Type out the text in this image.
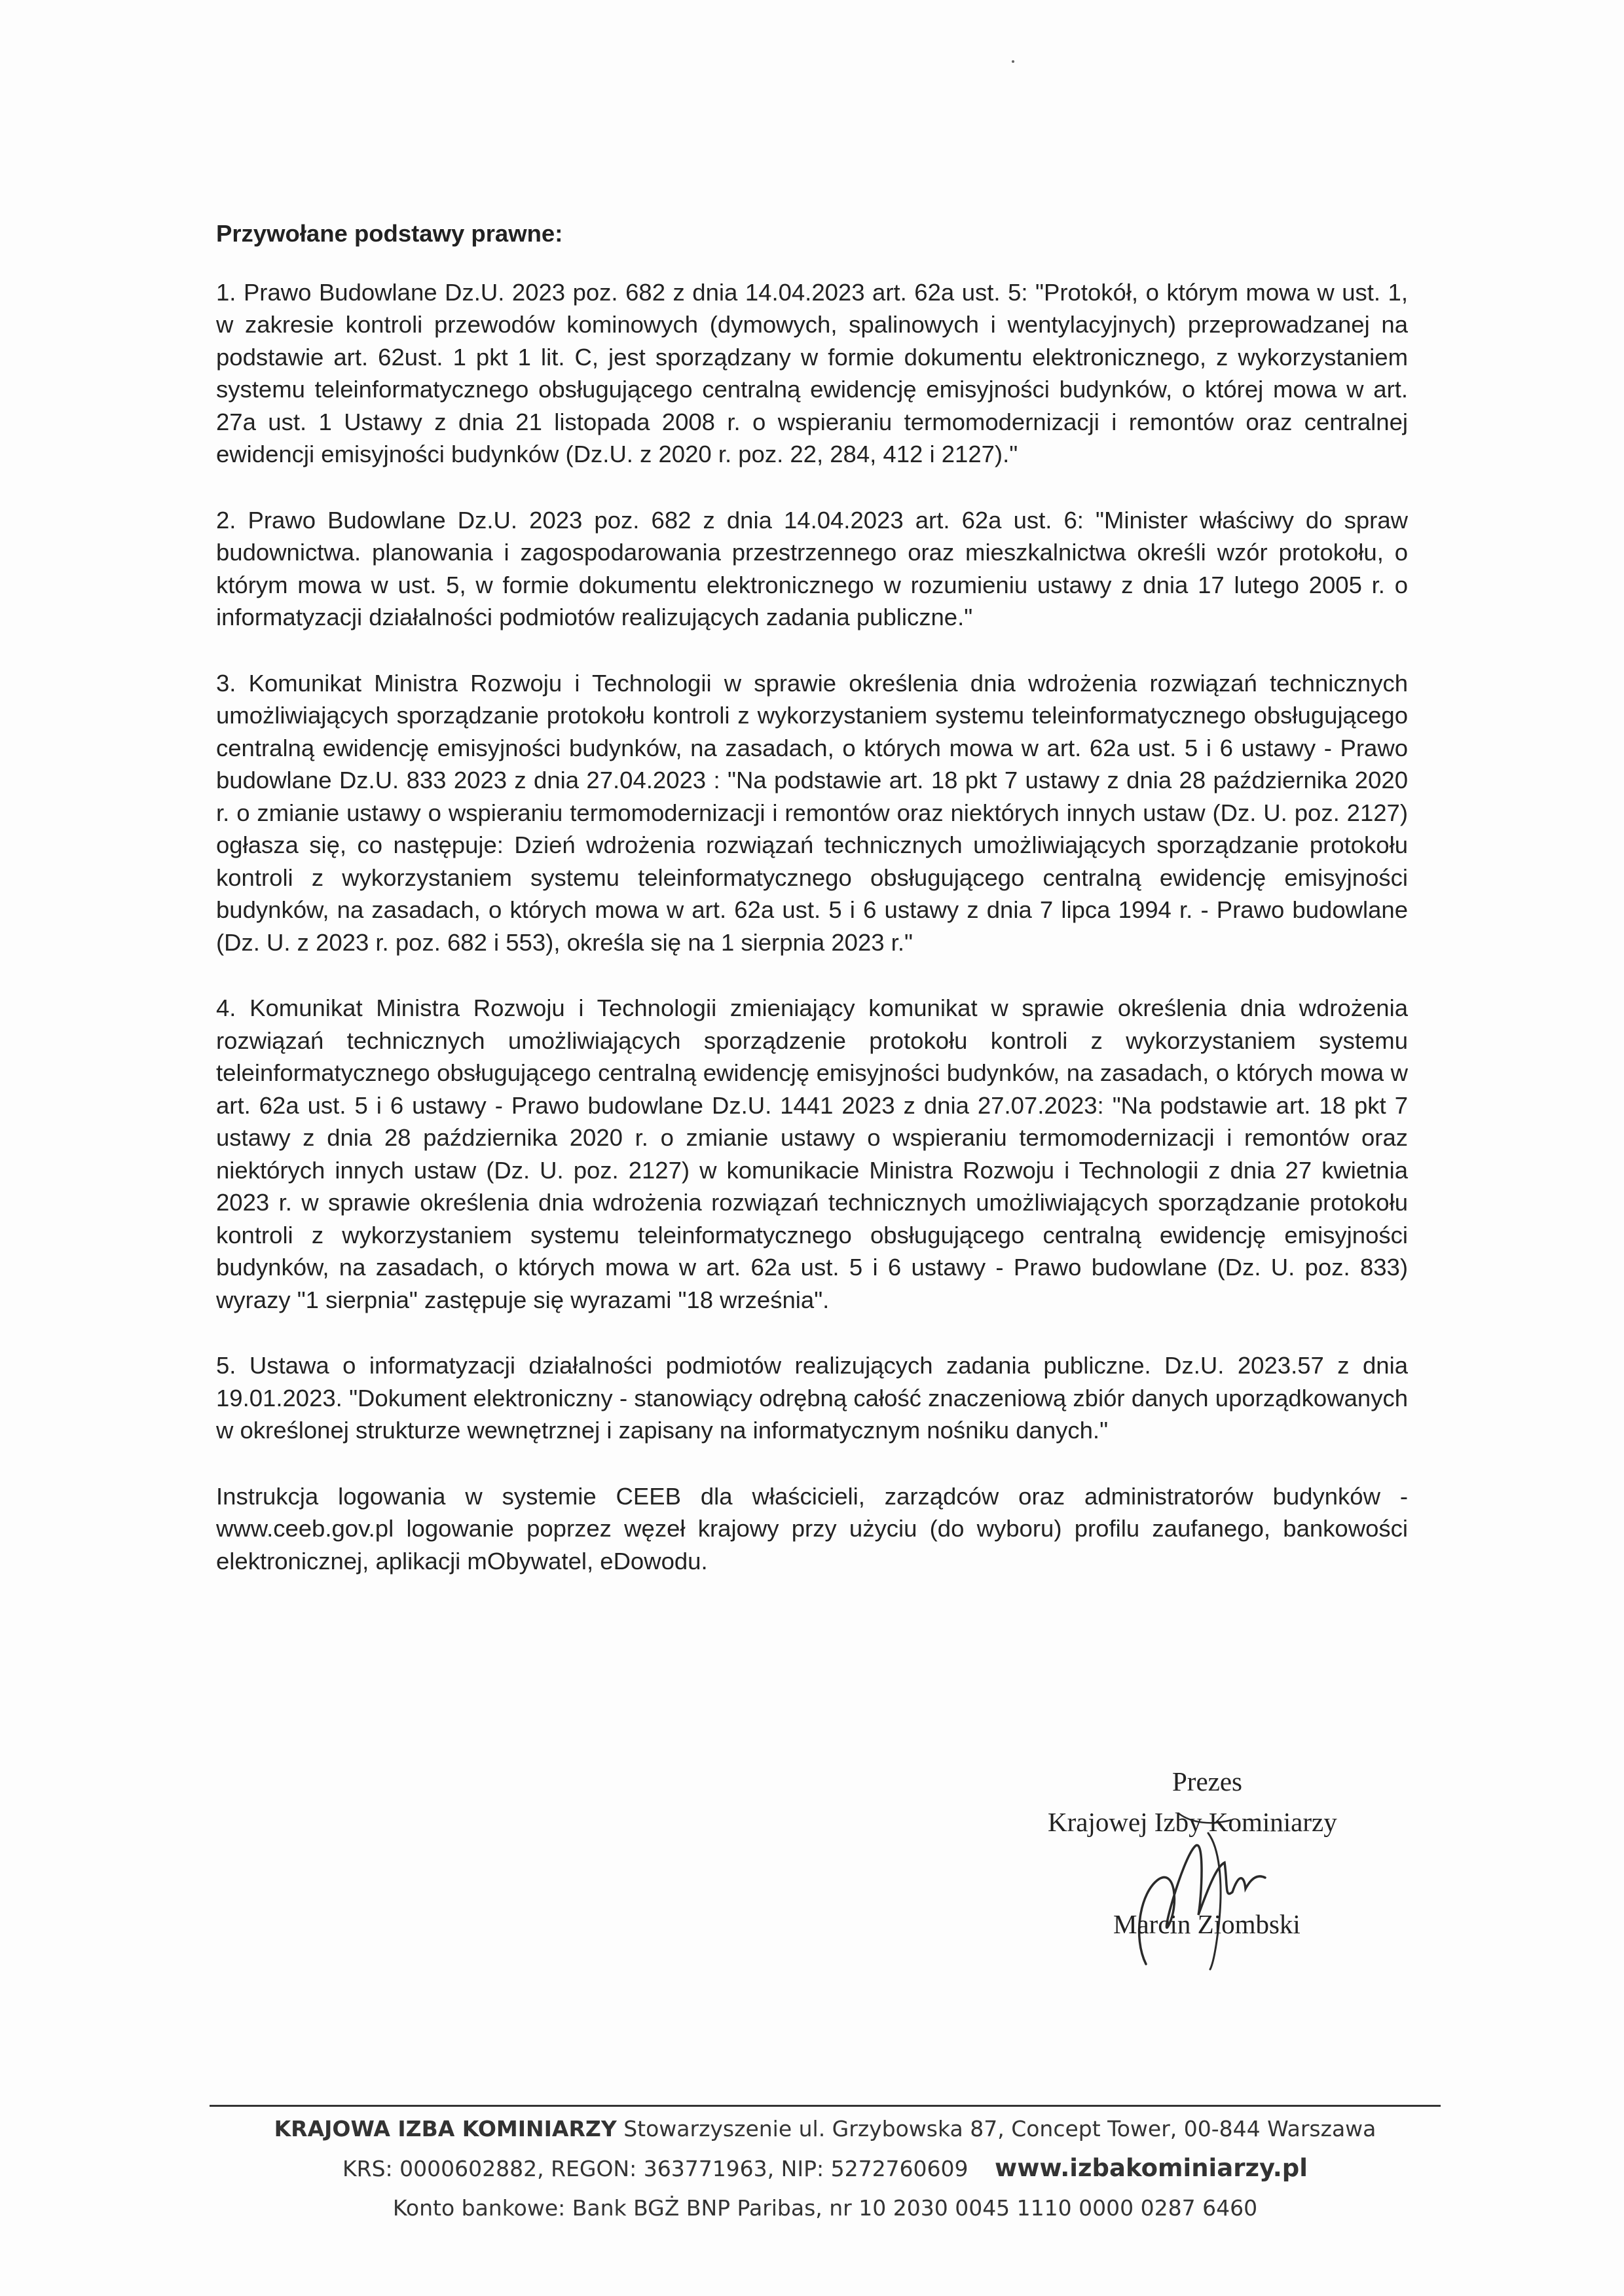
Przywołane podstawy prawne:

1. Prawo Budowlane Dz.U. 2023 poz. 682 z dnia 14.04.2023 art. 62a ust. 5: "Protokół, o którym mowa w ust. 1, w zakresie kontroli przewodów kominowych (dymowych, spalinowych i wentylacyjnych) przeprowadzanej na podstawie art. 62ust. 1 pkt 1 lit. C, jest sporządzany w formie dokumentu elektronicznego, z wykorzystaniem systemu teleinformatycznego obsługującego centralną ewidencję emisyjności budynków, o której mowa w art. 27a ust. 1 Ustawy z dnia 21 listopada 2008 r. o wspieraniu termomodernizacji i remontów oraz centralnej ewidencji emisyjności budynków (Dz.U. z 2020 r. poz. 22, 284, 412 i 2127)."

2. Prawo Budowlane Dz.U. 2023 poz. 682 z dnia 14.04.2023 art. 62a ust. 6: "Minister właściwy do spraw budownictwa. planowania i zagospodarowania przestrzennego oraz mieszkalnictwa określi wzór protokołu, o którym mowa w ust. 5, w formie dokumentu elektronicznego w rozumieniu ustawy z dnia 17 lutego 2005 r. o informatyzacji działalności podmiotów realizujących zadania publiczne."

3. Komunikat Ministra Rozwoju i Technologii w sprawie określenia dnia wdrożenia rozwiązań technicznych umożliwiających sporządzanie protokołu kontroli z wykorzystaniem systemu teleinformatycznego obsługującego centralną ewidencję emisyjności budynków, na zasadach, o których mowa w art. 62a ust. 5 i 6 ustawy - Prawo budowlane Dz.U. 833 2023 z dnia 27.04.2023 : "Na podstawie art. 18 pkt 7 ustawy z dnia 28 października 2020 r. o zmianie ustawy o wspieraniu termomodernizacji i remontów oraz niektórych innych ustaw (Dz. U. poz. 2127) ogłasza się, co następuje: Dzień wdrożenia rozwiązań technicznych umożliwiających sporządzanie protokołu kontroli z wykorzystaniem systemu teleinformatycznego obsługującego centralną ewidencję emisyjności budynków, na zasadach, o których mowa w art. 62a ust. 5 i 6 ustawy z dnia 7 lipca 1994 r. - Prawo budowlane (Dz. U. z 2023 r. poz. 682 i 553), określa się na 1 sierpnia 2023 r."

4. Komunikat Ministra Rozwoju i Technologii zmieniający komunikat w sprawie określenia dnia wdrożenia rozwiązań technicznych umożliwiających sporządzenie protokołu kontroli z wykorzystaniem systemu teleinformatycznego obsługującego centralną ewidencję emisyjności budynków, na zasadach, o których mowa w art. 62a ust. 5 i 6 ustawy - Prawo budowlane Dz.U. 1441 2023 z dnia 27.07.2023: "Na podstawie art. 18 pkt 7 ustawy z dnia 28 października 2020 r. o zmianie ustawy o wspieraniu termomodernizacji i remontów oraz niektórych innych ustaw (Dz. U. poz. 2127) w komunikacie Ministra Rozwoju i Technologii z dnia 27 kwietnia 2023 r. w sprawie określenia dnia wdrożenia rozwiązań technicznych umożliwiających sporządzanie protokołu kontroli z wykorzystaniem systemu teleinformatycznego obsługującego centralną ewidencję emisyjności budynków, na zasadach, o których mowa w art. 62a ust. 5 i 6 ustawy - Prawo budowlane (Dz. U. poz. 833) wyrazy "1 sierpnia" zastępuje się wyrazami "18 września".

5. Ustawa o informatyzacji działalności podmiotów realizujących zadania publiczne. Dz.U. 2023.57 z dnia 19.01.2023. "Dokument elektroniczny - stanowiący odrębną całość znaczeniową zbiór danych uporządkowanych w określonej strukturze wewnętrznej i zapisany na informatycznym nośniku danych."

Instrukcja logowania w systemie CEEB dla właścicieli, zarządców oraz administratorów budynków - www.ceeb.gov.pl logowanie poprzez węzeł krajowy przy użyciu (do wyboru) profilu zaufanego, bankowości elektronicznej, aplikacji mObywatel, eDowodu.

Prezes
Krajowej Izby Kominiarzy
Marcin Ziombski
KRAJOWA IZBA KOMINIARZY Stowarzyszenie ul. Grzybowska 87, Concept Tower, 00-844 Warszawa
KRS: 0000602882, REGON: 363771963, NIP: 5272760609 www.izbakominiarzy.pl
Konto bankowe: Bank BGŻ BNP Paribas, nr 10 2030 0045 1110 0000 0287 6460
